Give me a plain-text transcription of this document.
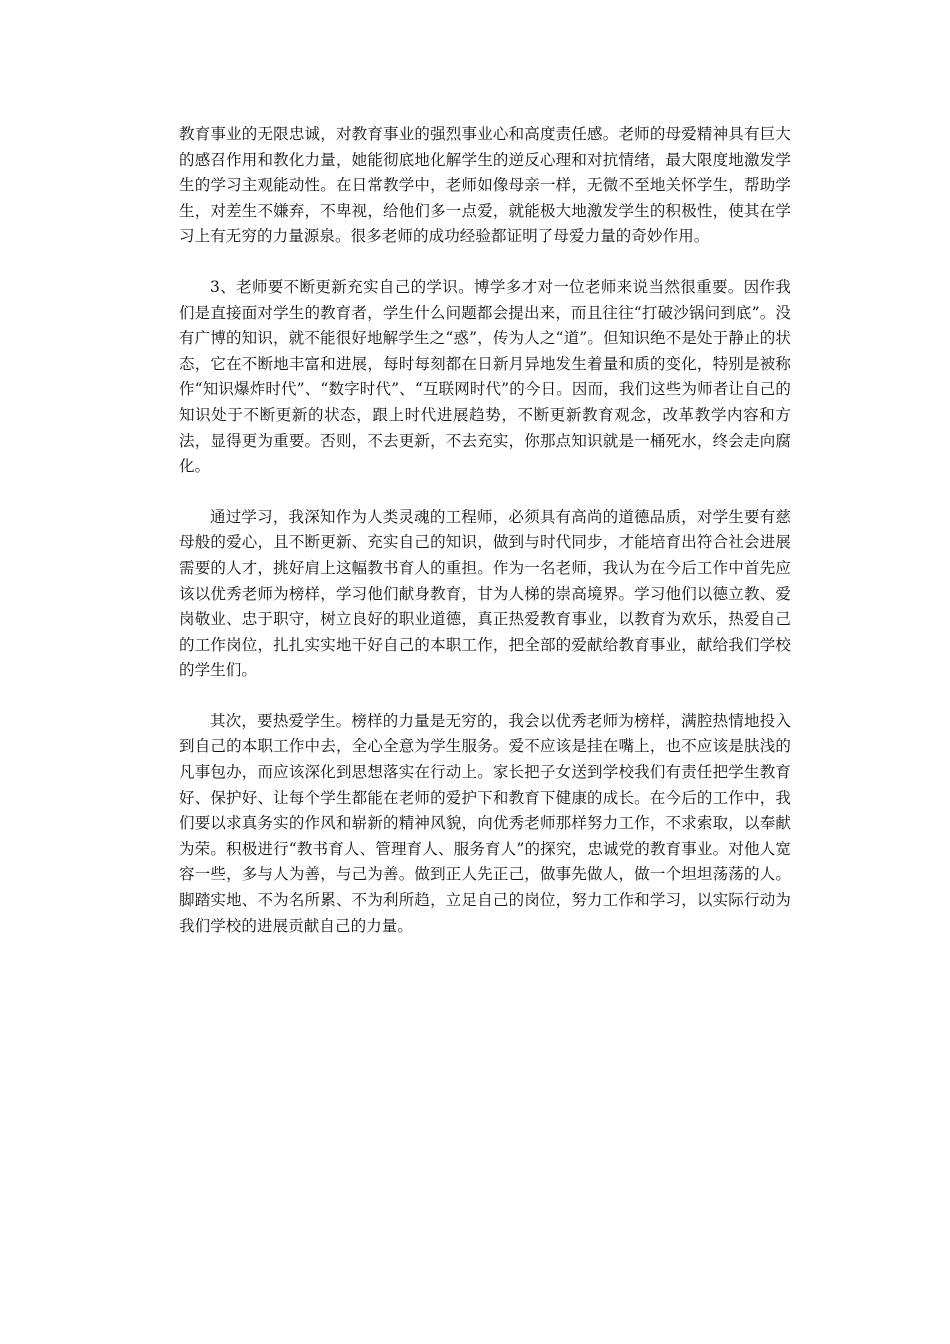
教育事业的无限忠诚，对教育事业的强烈事业心和高度责任感。老师的母爱精神具有巨大的感召作用和教化力量，她能彻底地化解学生的逆反心理和对抗情绪，最大限度地激发学生的学习主观能动性。在日常教学中，老师如像母亲一样，无微不至地关怀学生，帮助学生，对差生不嫌弃，不卑视，给他们多一点爱，就能极大地激发学生的积极性，使其在学习上有无穷的力量源泉。很多老师的成功经验都证明了母爱力量的奇妙作用。

3、老师要不断更新充实自己的学识。博学多才对一位老师来说当然很重要。因作我们是直接面对学生的教育者，学生什么问题都会提出来，而且往往“打破沙锅问到底”。没有广博的知识，就不能很好地解学生之“惑”，传为人之“道”。但知识绝不是处于静止的状态，它在不断地丰富和进展，每时每刻都在日新月异地发生着量和质的变化，特别是被称作“知识爆炸时代”、“数字时代”、“互联网时代”的今日。因而，我们这些为师者让自己的知识处于不断更新的状态，跟上时代进展趋势，不断更新教育观念，改革教学内容和方法，显得更为重要。否则，不去更新，不去充实，你那点知识就是一桶死水，终会走向腐化。

通过学习，我深知作为人类灵魂的工程师，必须具有高尚的道德品质，对学生要有慈母般的爱心，且不断更新、充实自己的知识，做到与时代同步，才能培育出符合社会进展需要的人才，挑好肩上这幅教书育人的重担。作为一名老师，我认为在今后工作中首先应该以优秀老师为榜样，学习他们献身教育，甘为人梯的崇高境界。学习他们以德立教、爱岗敬业、忠于职守，树立良好的职业道德，真正热爱教育事业，以教育为欢乐，热爱自己的工作岗位，扎扎实实地干好自己的本职工作，把全部的爱献给教育事业，献给我们学校的学生们。

其次，要热爱学生。榜样的力量是无穷的，我会以优秀老师为榜样，满腔热情地投入到自己的本职工作中去，全心全意为学生服务。爱不应该是挂在嘴上，也不应该是肤浅的凡事包办，而应该深化到思想落实在行动上。家长把子女送到学校我们有责任把学生教育好、保护好、让每个学生都能在老师的爱护下和教育下健康的成长。在今后的工作中，我们要以求真务实的作风和崭新的精神风貌，向优秀老师那样努力工作，不求索取，以奉献为荣。积极进行“教书育人、管理育人、服务育人”的探究，忠诚党的教育事业。对他人宽容一些，多与人为善，与己为善。做到正人先正己，做事先做人，做一个坦坦荡荡的人。脚踏实地、不为名所累、不为利所趋，立足自己的岗位，努力工作和学习，以实际行动为我们学校的进展贡献自己的力量。
